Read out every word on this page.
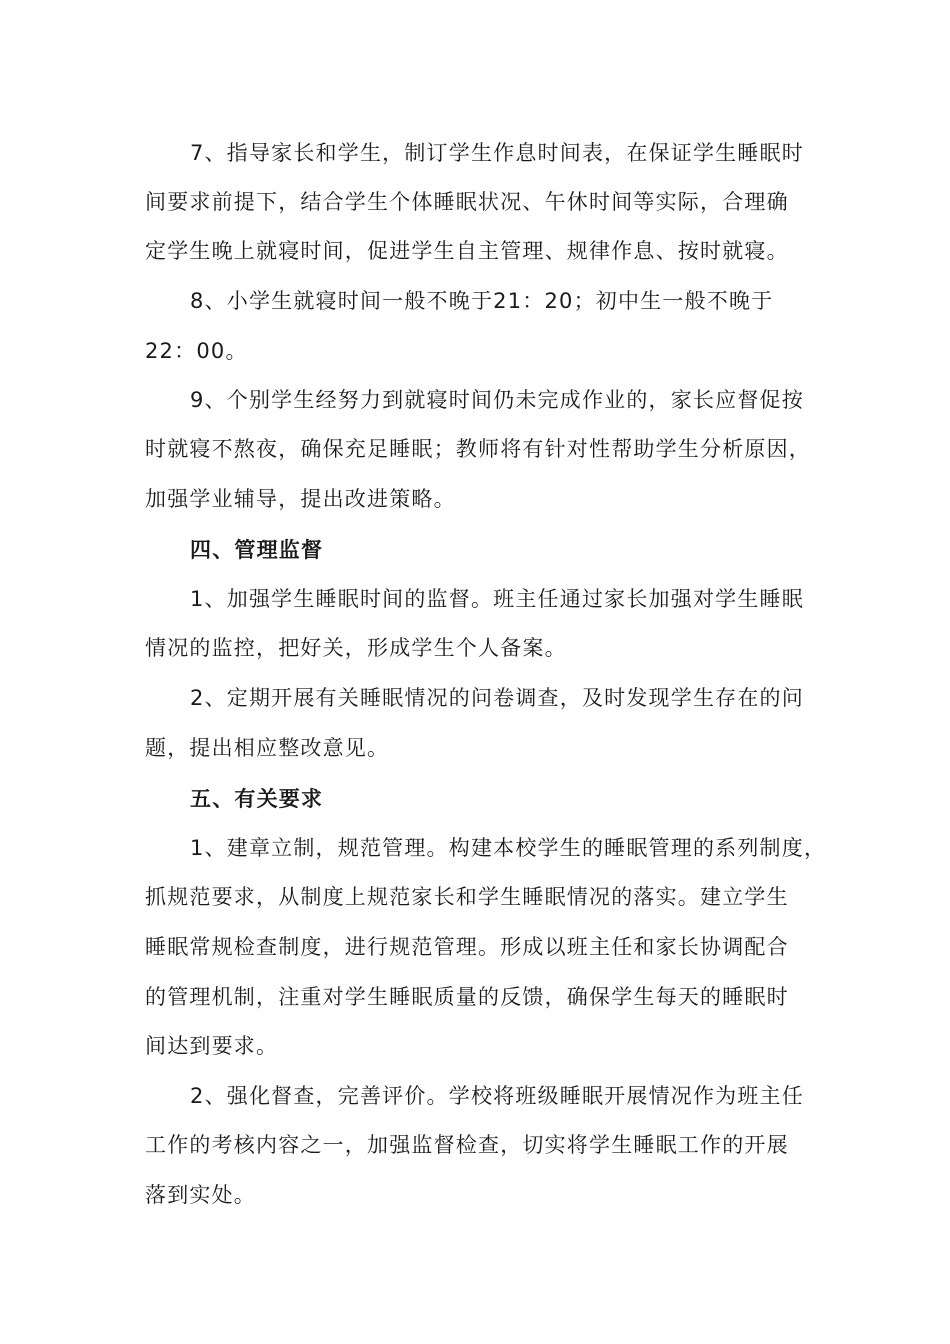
7、指导家长和学生，制订学生作息时间表，在保证学生睡眠时
间要求前提下，结合学生个体睡眠状况、午休时间等实际，合理确
定学生晚上就寝时间，促进学生自主管理、规律作息、按时就寝。
8、小学生就寝时间一般不晚于21：20；初中生一般不晚于
22：00。
9、个别学生经努力到就寝时间仍未完成作业的，家长应督促按
时就寝不熬夜，确保充足睡眠；教师将有针对性帮助学生分析原因，
加强学业辅导，提出改进策略。
四、管理监督
1、加强学生睡眠时间的监督。班主任通过家长加强对学生睡眠
情况的监控，把好关，形成学生个人备案。
2、定期开展有关睡眠情况的问卷调查，及时发现学生存在的问
题，提出相应整改意见。
五、有关要求
1、建章立制，规范管理。构建本校学生的睡眠管理的系列制度，
抓规范要求，从制度上规范家长和学生睡眠情况的落实。建立学生
睡眠常规检查制度，进行规范管理。形成以班主任和家长协调配合
的管理机制，注重对学生睡眠质量的反馈，确保学生每天的睡眠时
间达到要求。
2、强化督查，完善评价。学校将班级睡眠开展情况作为班主任
工作的考核内容之一，加强监督检查，切实将学生睡眠工作的开展
落到实处。
